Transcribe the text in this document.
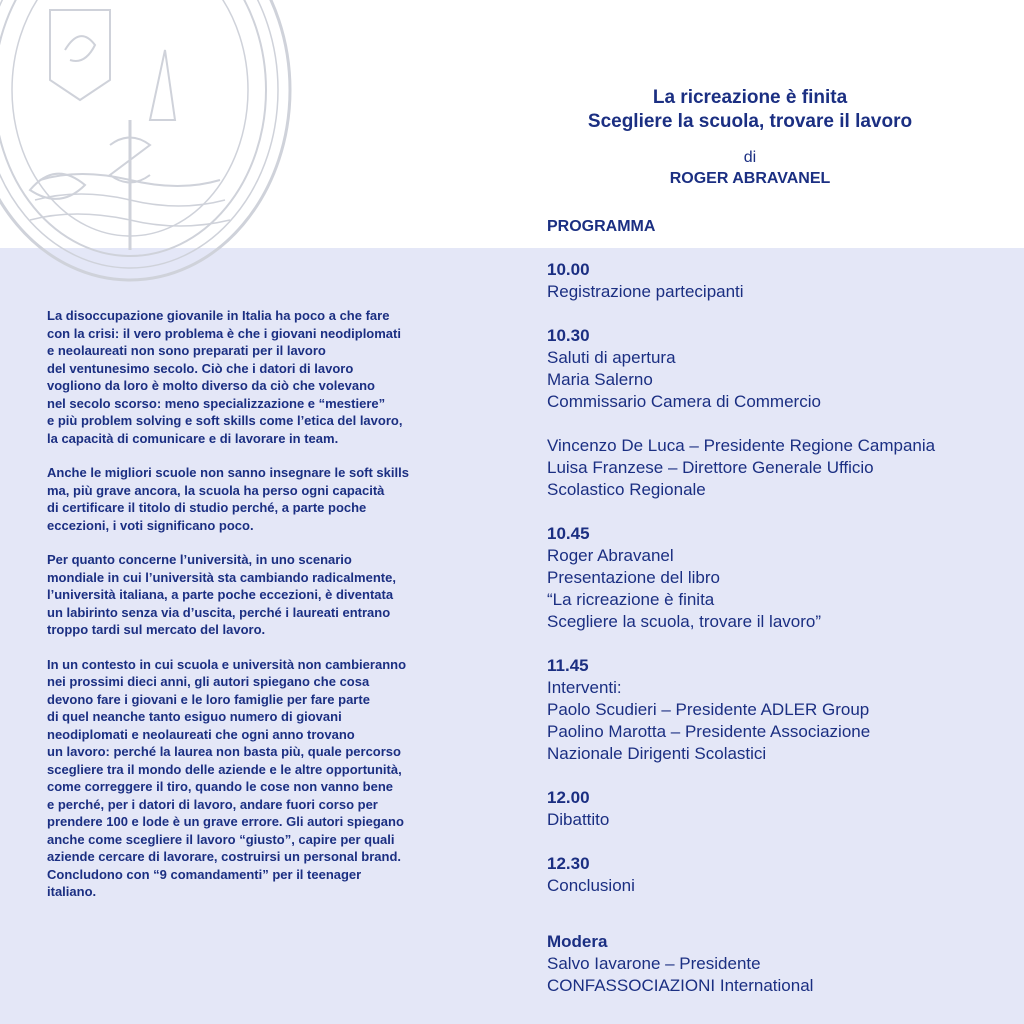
La ricreazione è finita
Scegliere la scuola, trovare il lavoro
di
ROGER ABRAVANEL

La disoccupazione giovanile in Italia ha poco a che fare
con la crisi: il vero problema è che i giovani neodiplomati
e neolaureati non sono preparati per il lavoro
del ventunesimo secolo. Ciò che i datori di lavoro
vogliono da loro è molto diverso da ciò che volevano
nel secolo scorso: meno specializzazione e “mestiere”
e più problem solving e soft skills come l’etica del lavoro,
la capacità di comunicare e di lavorare in team.

Anche le migliori scuole non sanno insegnare le soft skills
ma, più grave ancora, la scuola ha perso ogni capacità
di certificare il titolo di studio perché, a parte poche
eccezioni, i voti significano poco.

Per quanto concerne l’università, in uno scenario
mondiale in cui l’università sta cambiando radicalmente,
l’università italiana, a parte poche eccezioni, è diventata
un labirinto senza via d’uscita, perché i laureati entrano
troppo tardi sul mercato del lavoro.

In un contesto in cui scuola e università non cambieranno
nei prossimi dieci anni, gli autori spiegano che cosa
devono fare i giovani e le loro famiglie per fare parte
di quel neanche tanto esiguo numero di giovani
neodiplomati e neolaureati che ogni anno trovano
un lavoro: perché la laurea non basta più, quale percorso
scegliere tra il mondo delle aziende e le altre opportunità,
come correggere il tiro, quando le cose non vanno bene
e perché, per i datori di lavoro, andare fuori corso per
prendere 100 e lode è un grave errore. Gli autori spiegano
anche come scegliere il lavoro “giusto”, capire per quali
aziende cercare di lavorare, costruirsi un personal brand.
Concludono con “9 comandamenti” per il teenager
italiano.

PROGRAMMA
10.00
Registrazione partecipanti
10.30
Saluti di apertura
Maria Salerno
Commissario Camera di Commercio
Vincenzo De Luca – Presidente Regione Campania
Luisa Franzese – Direttore Generale Ufficio
Scolastico Regionale
10.45
Roger Abravanel
Presentazione del libro
“La ricreazione è finita
Scegliere la scuola, trovare il lavoro”
11.45
Interventi:
Paolo Scudieri – Presidente ADLER Group
Paolino Marotta – Presidente Associazione
Nazionale Dirigenti Scolastici
12.00
Dibattito
12.30
Conclusioni
Modera
Salvo Iavarone – Presidente
CONFASSOCIAZIONI International
